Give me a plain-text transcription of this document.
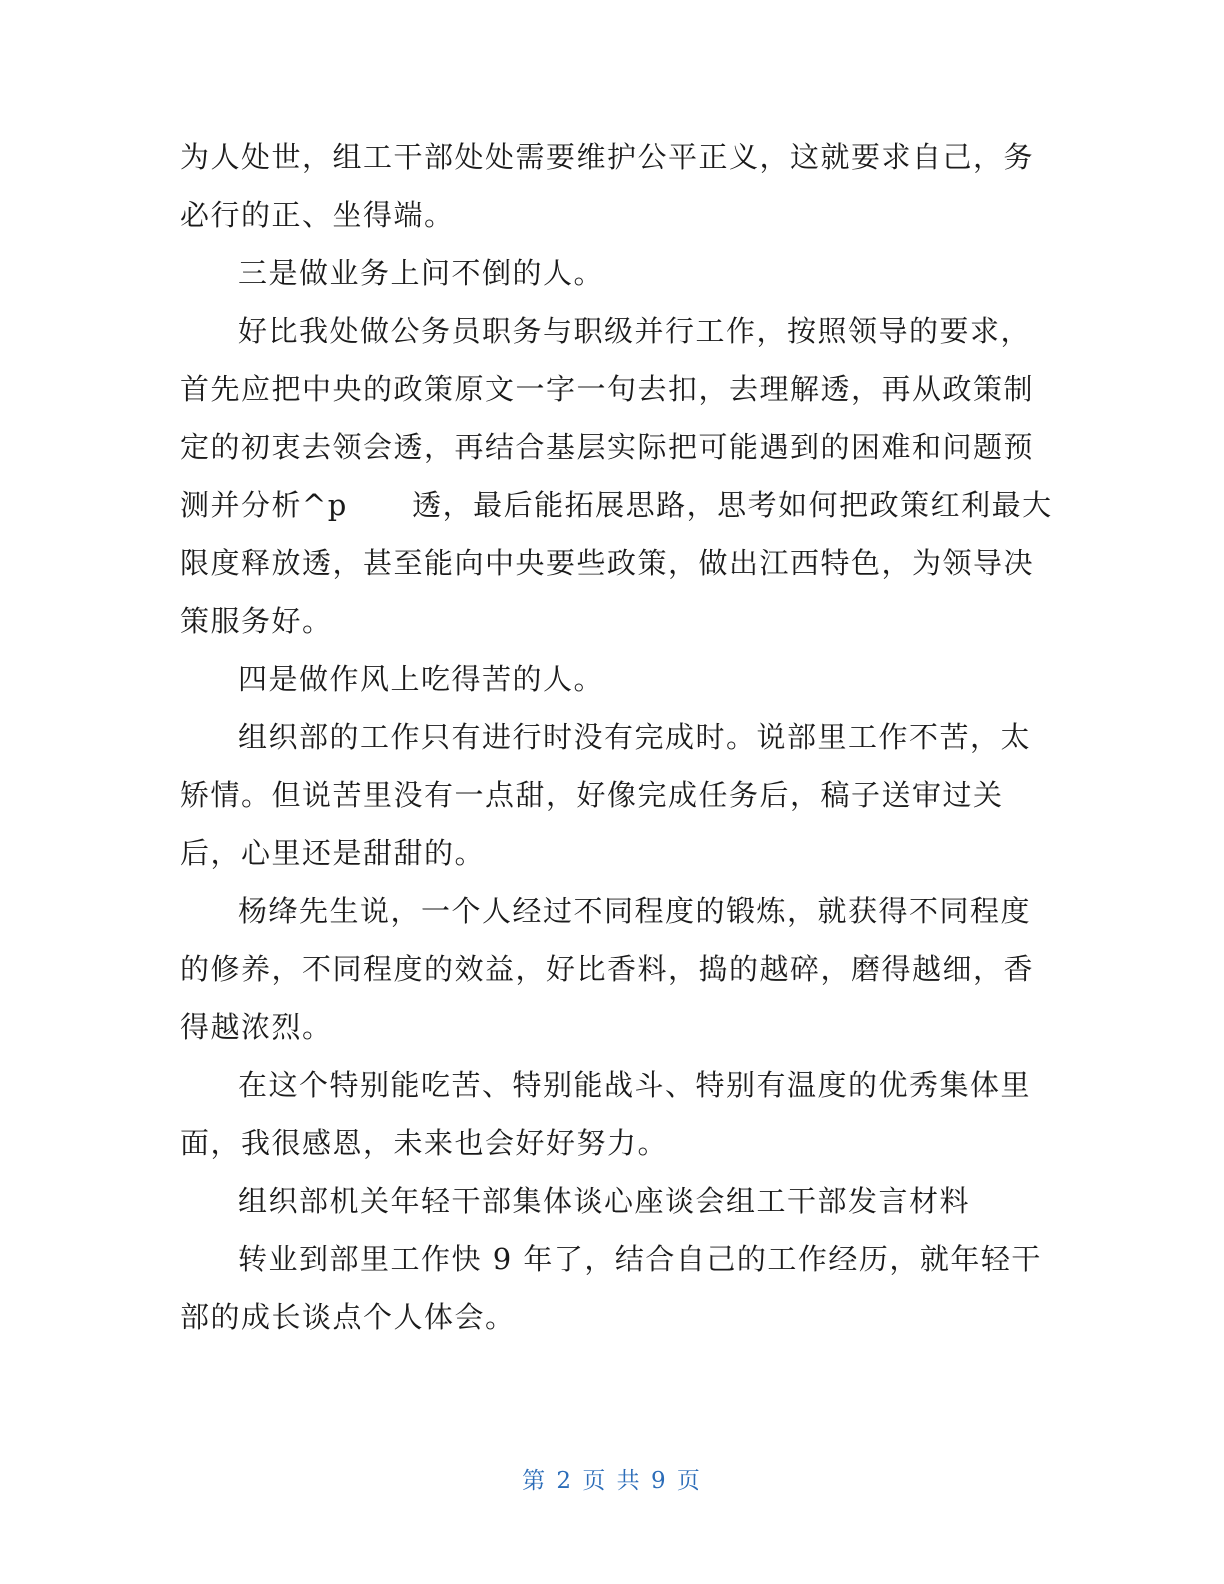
为人处世，组工干部处处需要维护公平正义，这就要求自己，务
必行的正、坐得端。
三是做业务上问不倒的人。
好比我处做公务员职务与职级并行工作，按照领导的要求，
首先应把中央的政策原文一字一句去扣，去理解透，再从政策制
定的初衷去领会透，再结合基层实际把可能遇到的困难和问题预
测并分析^p      透，最后能拓展思路，思考如何把政策红利最大
限度释放透，甚至能向中央要些政策，做出江西特色，为领导决
策服务好。
四是做作风上吃得苦的人。
组织部的工作只有进行时没有完成时。说部里工作不苦，太
矫情。但说苦里没有一点甜，好像完成任务后，稿子送审过关
后，心里还是甜甜的。
杨绛先生说，一个人经过不同程度的锻炼，就获得不同程度
的修养，不同程度的效益，好比香料，捣的越碎，磨得越细，香
得越浓烈。
在这个特别能吃苦、特别能战斗、特别有温度的优秀集体里
面，我很感恩，未来也会好好努力。
组织部机关年轻干部集体谈心座谈会组工干部发言材料
转业到部里工作快 9 年了，结合自己的工作经历，就年轻干
部的成长谈点个人体会。
第 2 页 共 9 页
